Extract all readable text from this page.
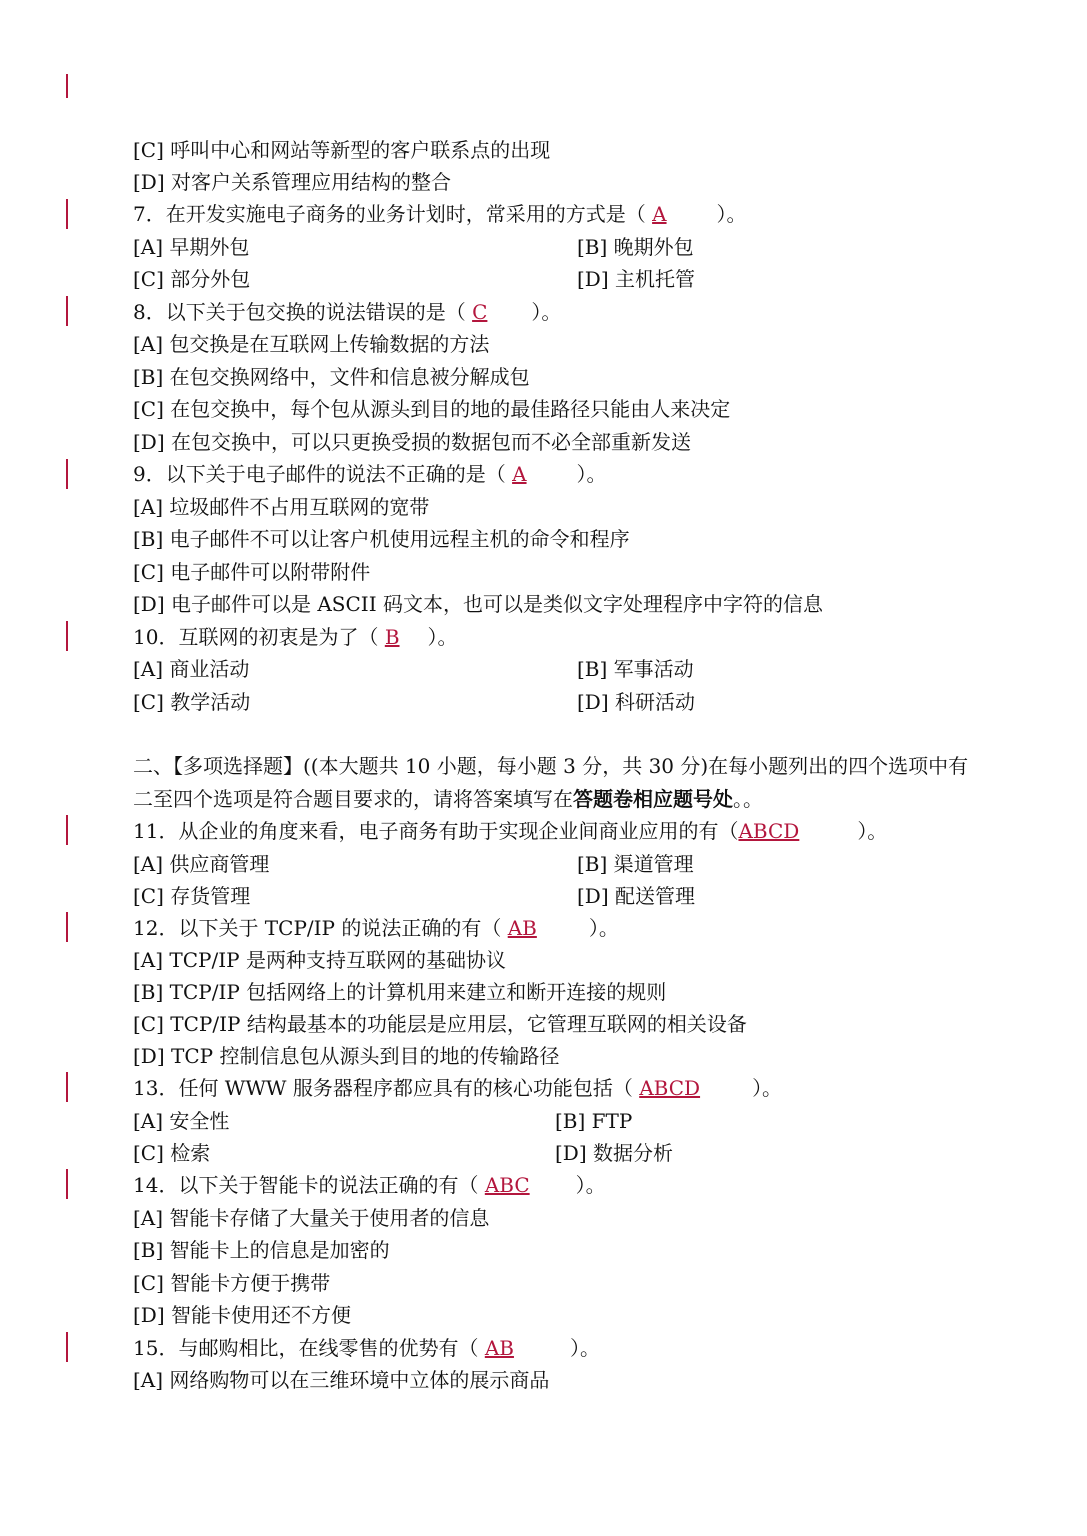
[C] 呼叫中心和网站等新型的客户联系点的出现
[D] 对客户关系管理应用结构的整合
7．在开发实施电子商务的业务计划时，常采用的方式是（ A	）。
[A] 早期外包	[B] 晚期外包
[C] 部分外包	[D] 主机托管
8．以下关于包交换的说法错误的是（ C ）。
[A] 包交换是在互联网上传输数据的方法
[B] 在包交换网络中，文件和信息被分解成包
[C] 在包交换中，每个包从源头到目的地的最佳路径只能由人来决定
[D] 在包交换中，可以只更换受损的数据包而不必全部重新发送
9．以下关于电子邮件的说法不正确的是（ A	）。
[A] 垃圾邮件不占用互联网的宽带
[B] 电子邮件不可以让客户机使用远程主机的命令和程序
[C] 电子邮件可以附带附件
[D] 电子邮件可以是 ASCII 码文本，也可以是类似文字处理程序中字符的信息
10．互联网的初衷是为了（ B ）。
[A] 商业活动	[B] 军事活动
[C] 教学活动	[D] 科研活动
二、【多项选择题】((本大题共 10 小题，每小题 3 分，共 30 分)在每小题列出的四个选项中有
二至四个选项是符合题目要求的，请将答案填写在答题卷相应题号处。。
11．从企业的角度来看，电子商务有助于实现企业间商业应用的有（ABCD	）。
[A] 供应商管理	[B] 渠道管理
[C] 存货管理	[D] 配送管理
12．以下关于 TCP/IP 的说法正确的有（ AB	）。
[A] TCP/IP 是两种支持互联网的基础协议
[B] TCP/IP 包括网络上的计算机用来建立和断开连接的规则
[C] TCP/IP 结构最基本的功能层是应用层，它管理互联网的相关设备
[D] TCP 控制信息包从源头到目的地的传输路径
13．任何 WWW 服务器程序都应具有的核心功能包括（ ABCD	）。
[A] 安全性	[B] FTP
[C] 检索	[D] 数据分析
14．以下关于智能卡的说法正确的有（ ABC ）。
[A] 智能卡存储了大量关于使用者的信息
[B] 智能卡上的信息是加密的
[C] 智能卡方便于携带
[D] 智能卡使用还不方便
15．与邮购相比，在线零售的优势有（ AB	）。
[A] 网络购物可以在三维环境中立体的展示商品
